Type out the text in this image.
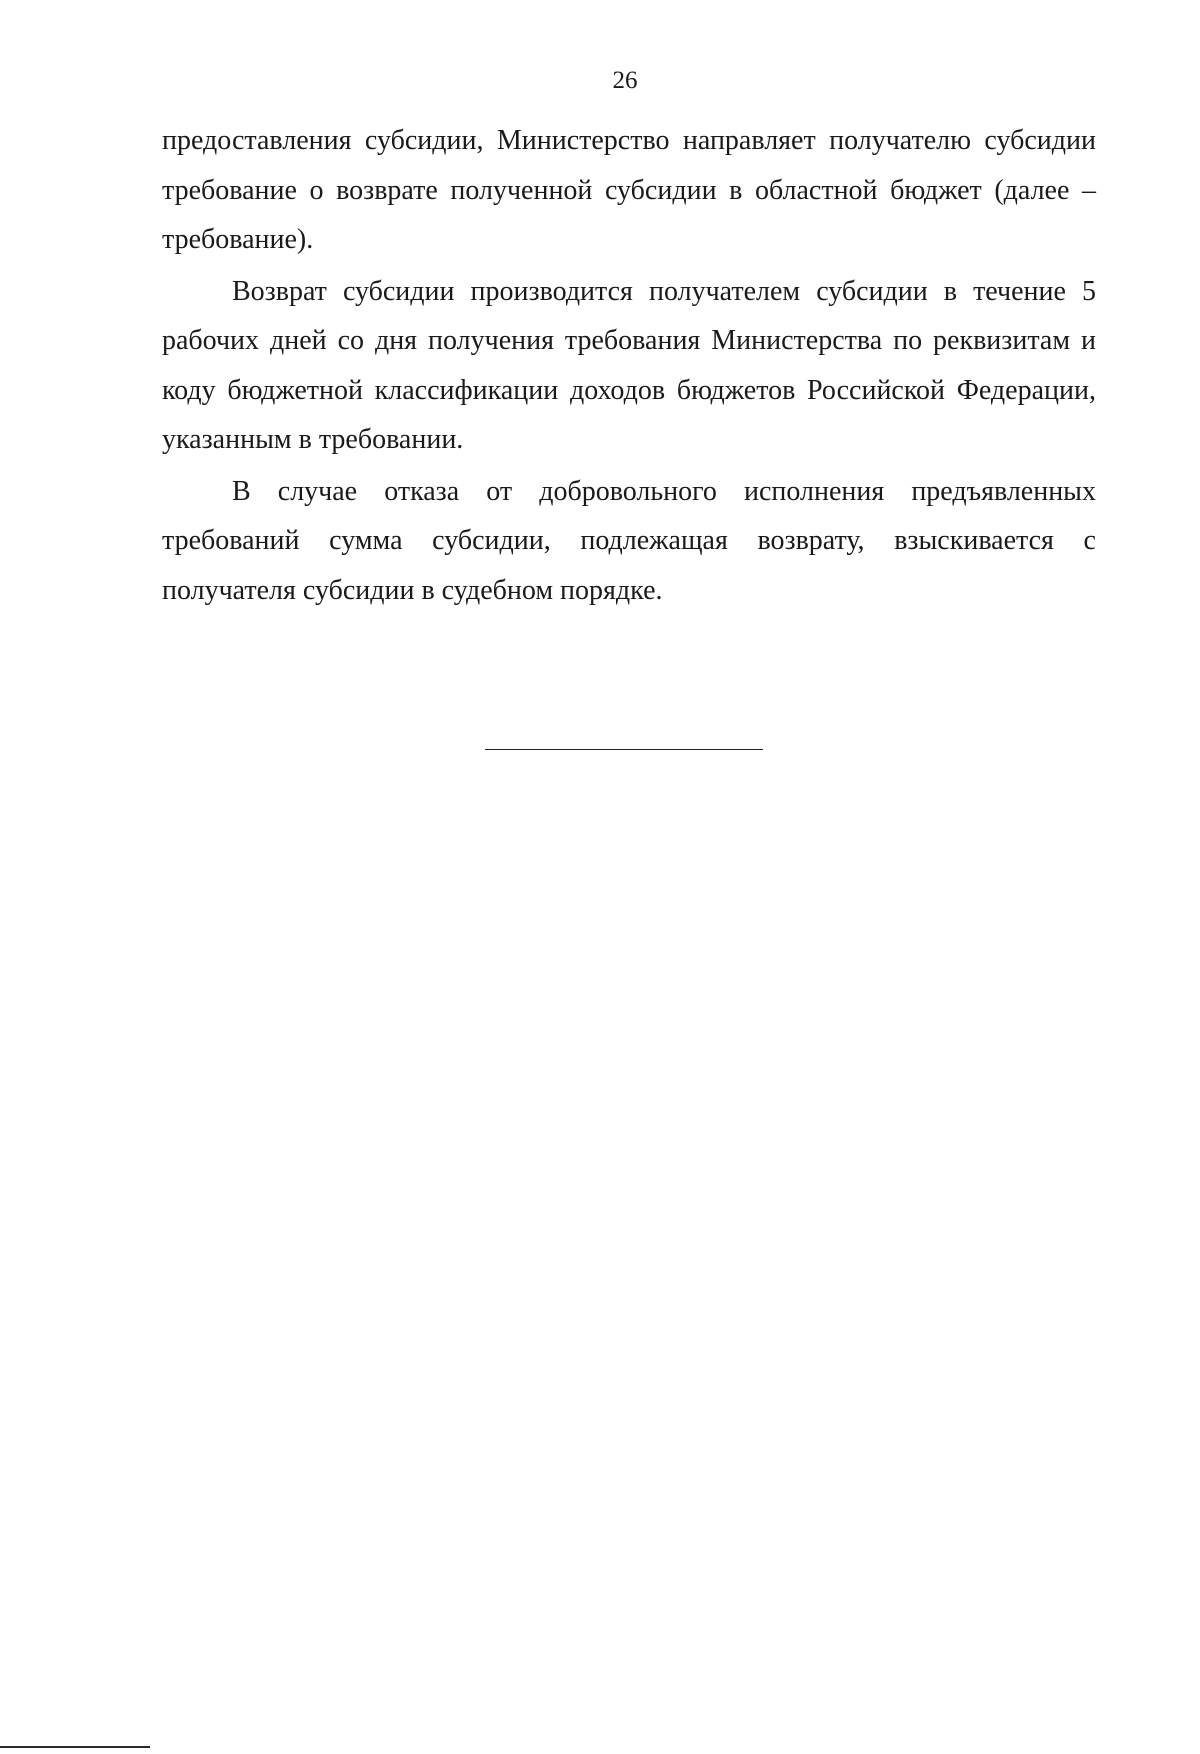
26

предоставления субсидии, Министерство направляет получателю субсидии требование о возврате полученной субсидии в областной бюджет (далее – требование).

Возврат субсидии производится получателем субсидии в течение 5 рабочих дней со дня получения требования Министерства по реквизитам и коду бюджетной классификации доходов бюджетов Российской Федерации, указанным в требовании.

В случае отказа от добровольного исполнения предъявленных требований сумма субсидии, подлежащая возврату, взыскивается с получателя субсидии в судебном порядке.
